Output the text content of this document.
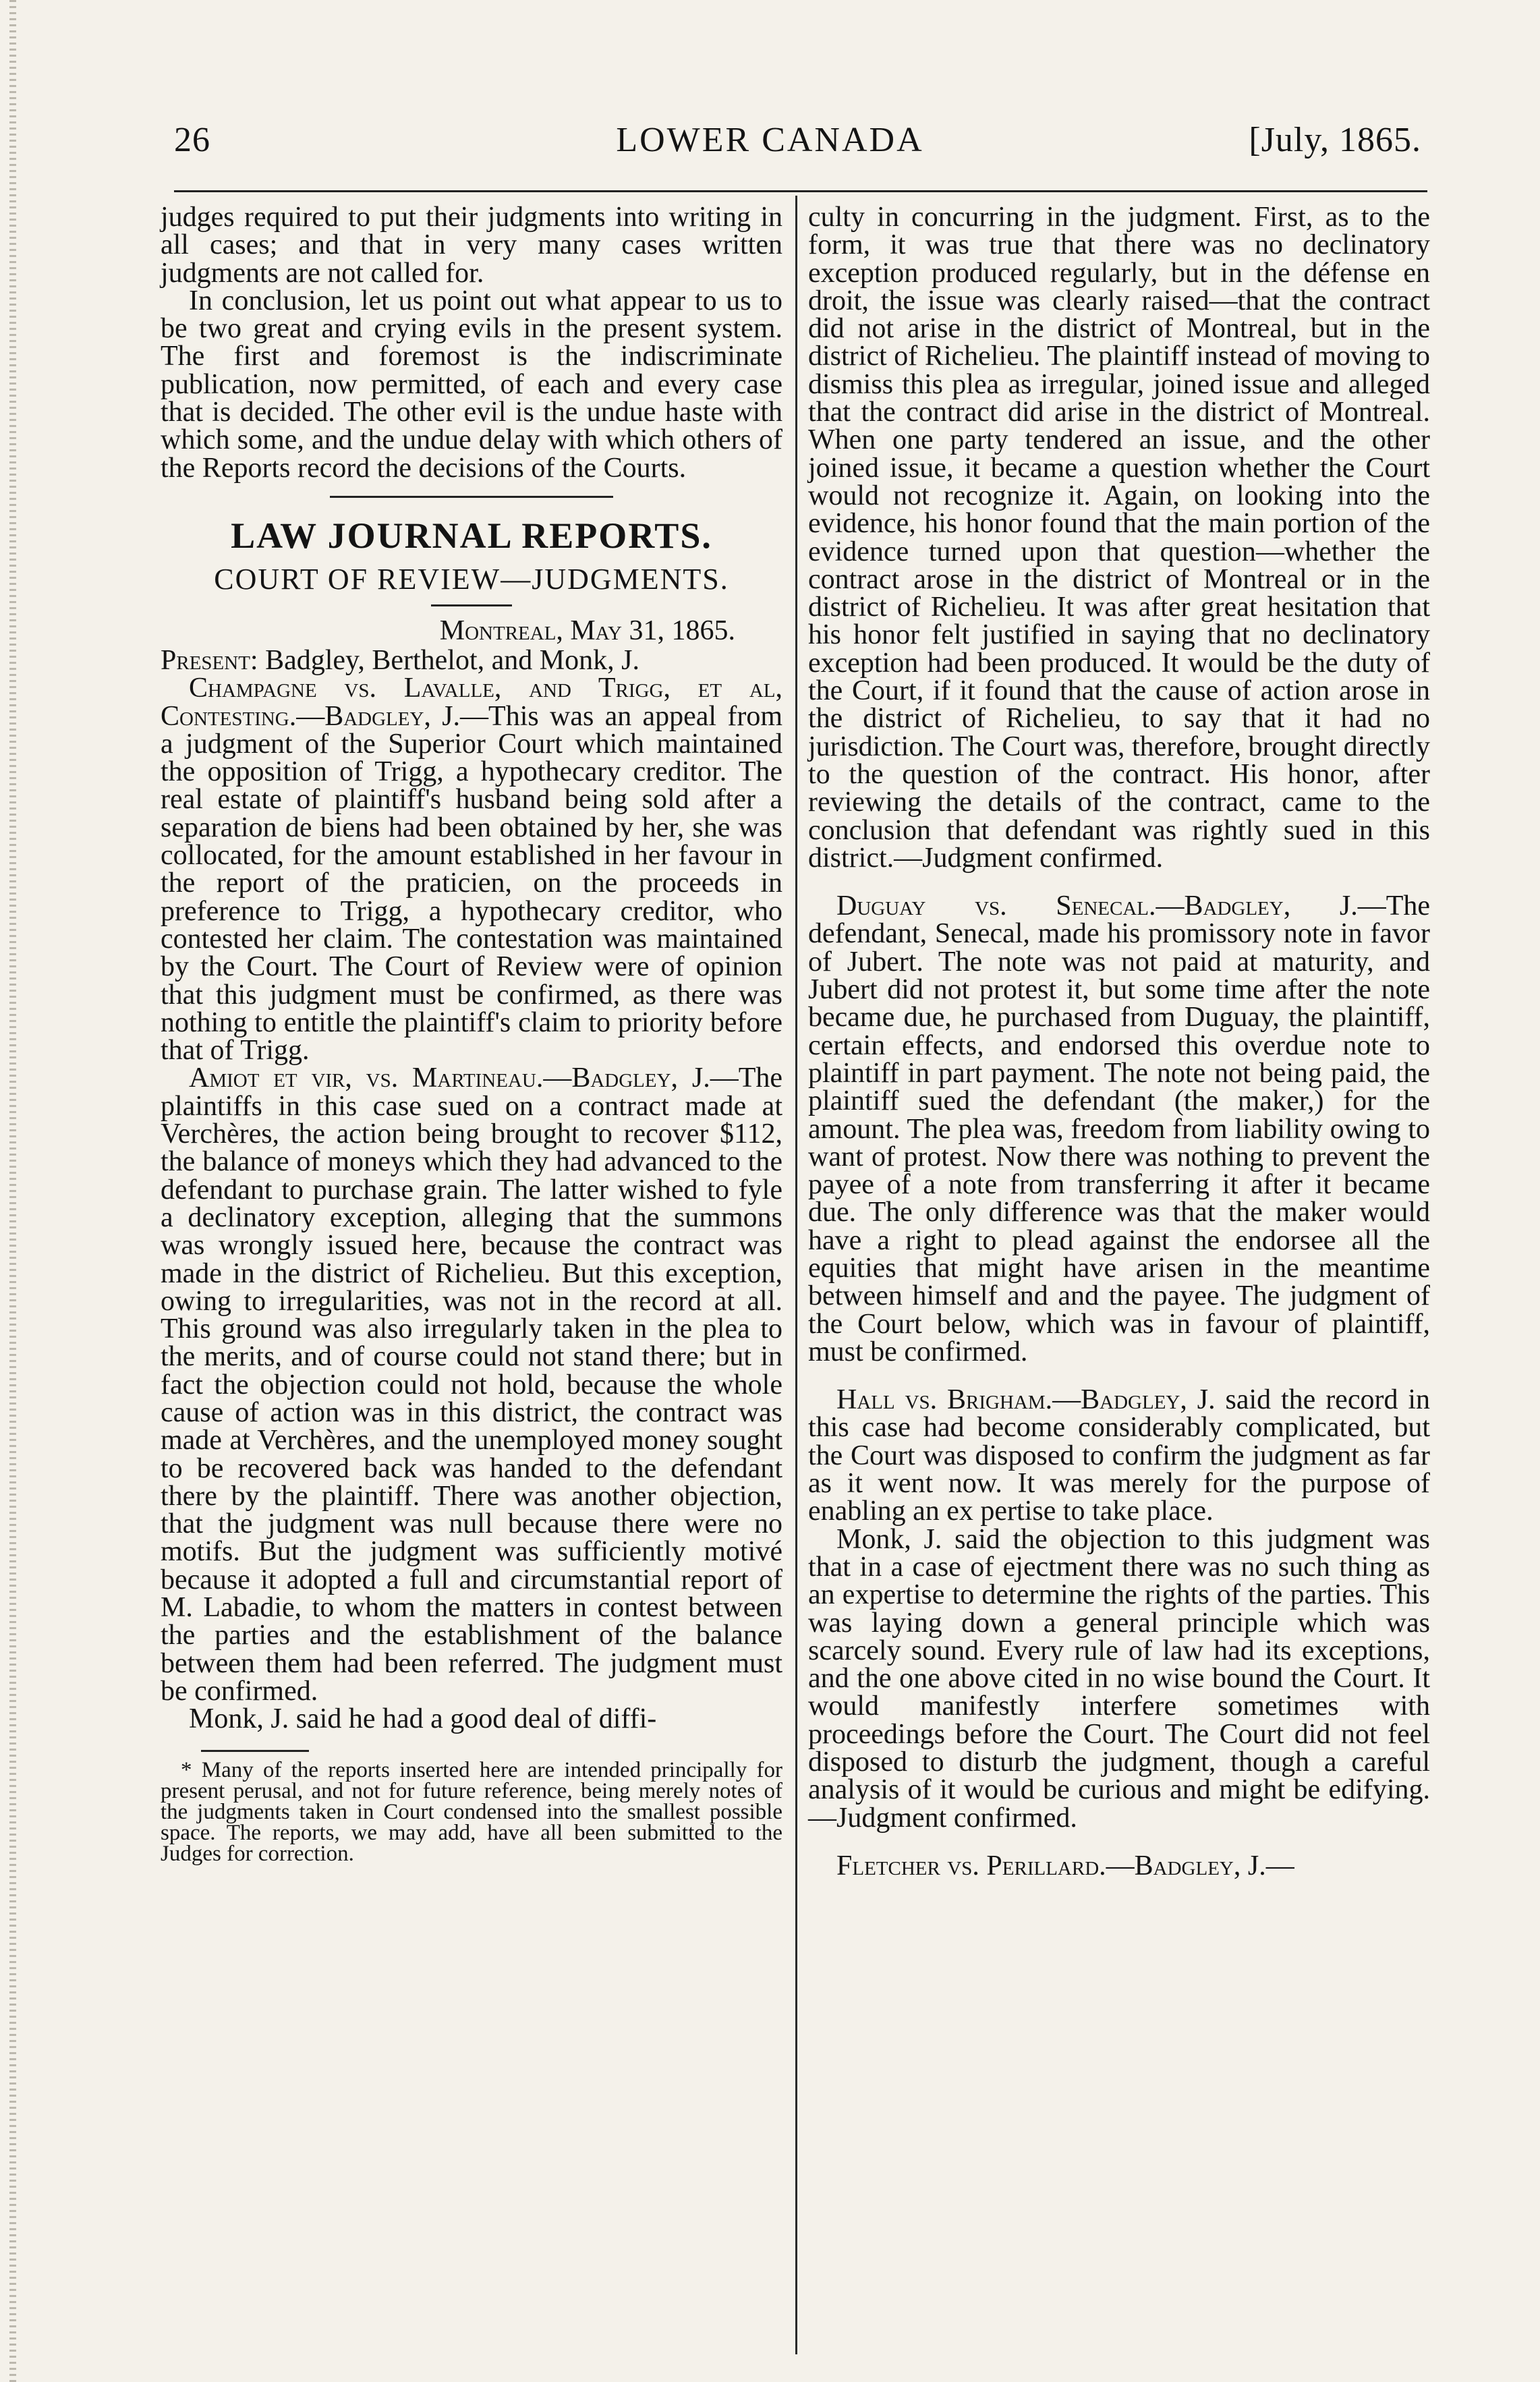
26	LOWER CANADA	[July, 1865.

judges required to put their judgments into writing in all cases; and that in very many cases written judgments are not called for.

In conclusion, let us point out what appear to us to be two great and crying evils in the present system. The first and foremost is the indiscriminate publication, now permitted, of each and every case that is decided. The other evil is the undue haste with which some, and the undue delay with which others of the Reports record the decisions of the Courts.

LAW JOURNAL REPORTS.
COURT OF REVIEW—JUDGMENTS.
Montreal, May 31, 1865.

Present: Badgley, Berthelot, and Monk, J.

Champagne vs. Lavalle, and Trigg, et al, Contesting.—Badgley, J.—This was an appeal from a judgment of the Superior Court which maintained the opposition of Trigg, a hypothecary creditor. The real estate of plaintiff's husband being sold after a separation de biens had been obtained by her, she was collocated, for the amount established in her favour in the report of the praticien, on the proceeds in preference to Trigg, a hypothecary creditor, who contested her claim. The contestation was maintained by the Court. The Court of Review were of opinion that this judgment must be confirmed, as there was nothing to entitle the plaintiff's claim to priority before that of Trigg.

Amiot et vir, vs. Martineau.—Badgley, J.—The plaintiffs in this case sued on a contract made at Verchères, the action being brought to recover $112, the balance of moneys which they had advanced to the defendant to purchase grain. The latter wished to fyle a declinatory exception, alleging that the summons was wrongly issued here, because the contract was made in the district of Richelieu. But this exception, owing to irregularities, was not in the record at all. This ground was also irregularly taken in the plea to the merits, and of course could not stand there; but in fact the objection could not hold, because the whole cause of action was in this district, the contract was made at Verchères, and the unemployed money sought to be recovered back was handed to the defendant there by the plaintiff. There was another objection, that the judgment was null because there were no motifs. But the judgment was sufficiently motivé because it adopted a full and circumstantial report of M. Labadie, to whom the matters in contest between the parties and the establishment of the balance between them had been referred. The judgment must be confirmed.

Monk, J. said he had a good deal of diffi-

* Many of the reports inserted here are intended principally for present perusal, and not for future reference, being merely notes of the judgments taken in Court condensed into the smallest possible space. The reports, we may add, have all been submitted to the Judges for correction.

culty in concurring in the judgment. First, as to the form, it was true that there was no declinatory exception produced regularly, but in the défense en droit, the issue was clearly raised—that the contract did not arise in the district of Montreal, but in the district of Richelieu. The plaintiff instead of moving to dismiss this plea as irregular, joined issue and alleged that the contract did arise in the district of Montreal. When one party tendered an issue, and the other joined issue, it became a question whether the Court would not recognize it. Again, on looking into the evidence, his honor found that the main portion of the evidence turned upon that question—whether the contract arose in the district of Montreal or in the district of Richelieu. It was after great hesitation that his honor felt justified in saying that no declinatory exception had been produced. It would be the duty of the Court, if it found that the cause of action arose in the district of Richelieu, to say that it had no jurisdiction. The Court was, therefore, brought directly to the question of the contract. His honor, after reviewing the details of the contract, came to the conclusion that defendant was rightly sued in this district.—Judgment confirmed.

Duguay vs. Senecal.—Badgley, J.—The defendant, Senecal, made his promissory note in favor of Jubert. The note was not paid at maturity, and Jubert did not protest it, but some time after the note became due, he purchased from Duguay, the plaintiff, certain effects, and endorsed this overdue note to plaintiff in part payment. The note not being paid, the plaintiff sued the defendant (the maker,) for the amount. The plea was, freedom from liability owing to want of protest. Now there was nothing to prevent the payee of a note from transferring it after it became due. The only difference was that the maker would have a right to plead against the endorsee all the equities that might have arisen in the meantime between himself and and the payee. The judgment of the Court below, which was in favour of plaintiff, must be confirmed.

Hall vs. Brigham.—Badgley, J. said the record in this case had become considerably complicated, but the Court was disposed to confirm the judgment as far as it went now. It was merely for the purpose of enabling an ex pertise to take place.

Monk, J. said the objection to this judgment was that in a case of ejectment there was no such thing as an expertise to determine the rights of the parties. This was laying down a general principle which was scarcely sound. Every rule of law had its exceptions, and the one above cited in no wise bound the Court. It would manifestly interfere sometimes with proceedings before the Court. The Court did not feel disposed to disturb the judgment, though a careful analysis of it would be curious and might be edifying.—Judgment confirmed.

Fletcher vs. Perillard.—Badgley, J.—
